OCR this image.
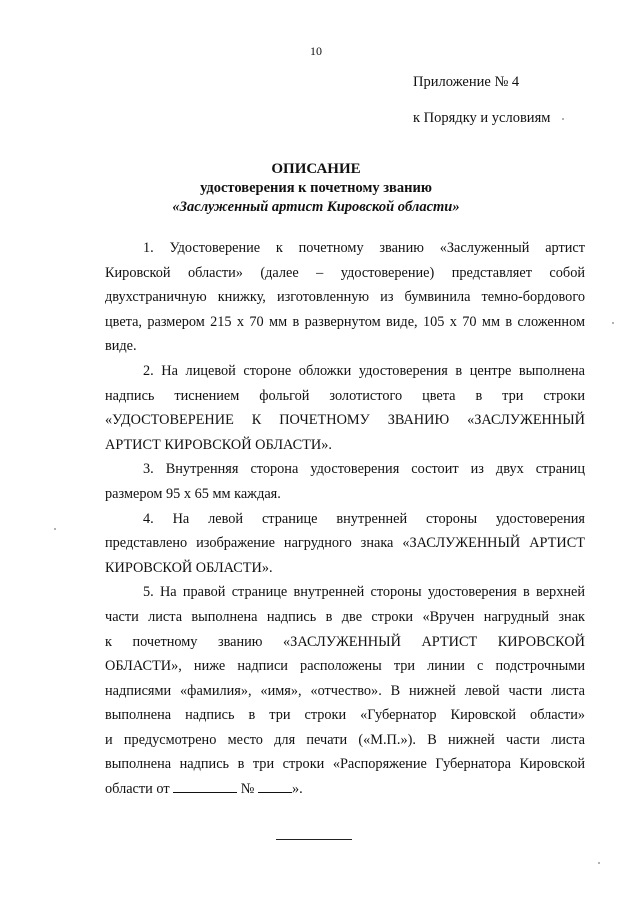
10
Приложение № 4
к Порядку и условиям
ОПИСАНИЕ
удостоверения к почетному званию
«Заслуженный артист Кировской области»
1. Удостоверение к почетному званию «Заслуженный артист
Кировской области» (далее – удостоверение) представляет собой
двухстраничную книжку, изготовленную из бумвинила темно-бордового
цвета, размером 215 х 70 мм в развернутом виде, 105 х 70 мм в сложенном
виде.
2. На лицевой стороне обложки удостоверения в центре выполнена
надпись тиснением фольгой золотистого цвета в три строки
«УДОСТОВЕРЕНИЕ К ПОЧЕТНОМУ ЗВАНИЮ «ЗАСЛУЖЕННЫЙ
АРТИСТ КИРОВСКОЙ ОБЛАСТИ».
3. Внутренняя сторона удостоверения состоит из двух страниц
размером 95 х 65 мм каждая.
4. На левой странице внутренней стороны удостоверения
представлено изображение нагрудного знака «ЗАСЛУЖЕННЫЙ АРТИСТ
КИРОВСКОЙ ОБЛАСТИ».
5. На правой странице внутренней стороны удостоверения в верхней
части листа выполнена надпись в две строки «Вручен нагрудный знак
к почетному званию «ЗАСЛУЖЕННЫЙ АРТИСТ КИРОВСКОЙ
ОБЛАСТИ», ниже надписи расположены три линии с подстрочными
надписями «фамилия», «имя», «отчество». В нижней левой части листа
выполнена надпись в три строки «Губернатор Кировской области»
и предусмотрено место для печати («М.П.»). В нижней части листа
выполнена надпись в три строки «Распоряжение Губернатора Кировской
области от	№	».
